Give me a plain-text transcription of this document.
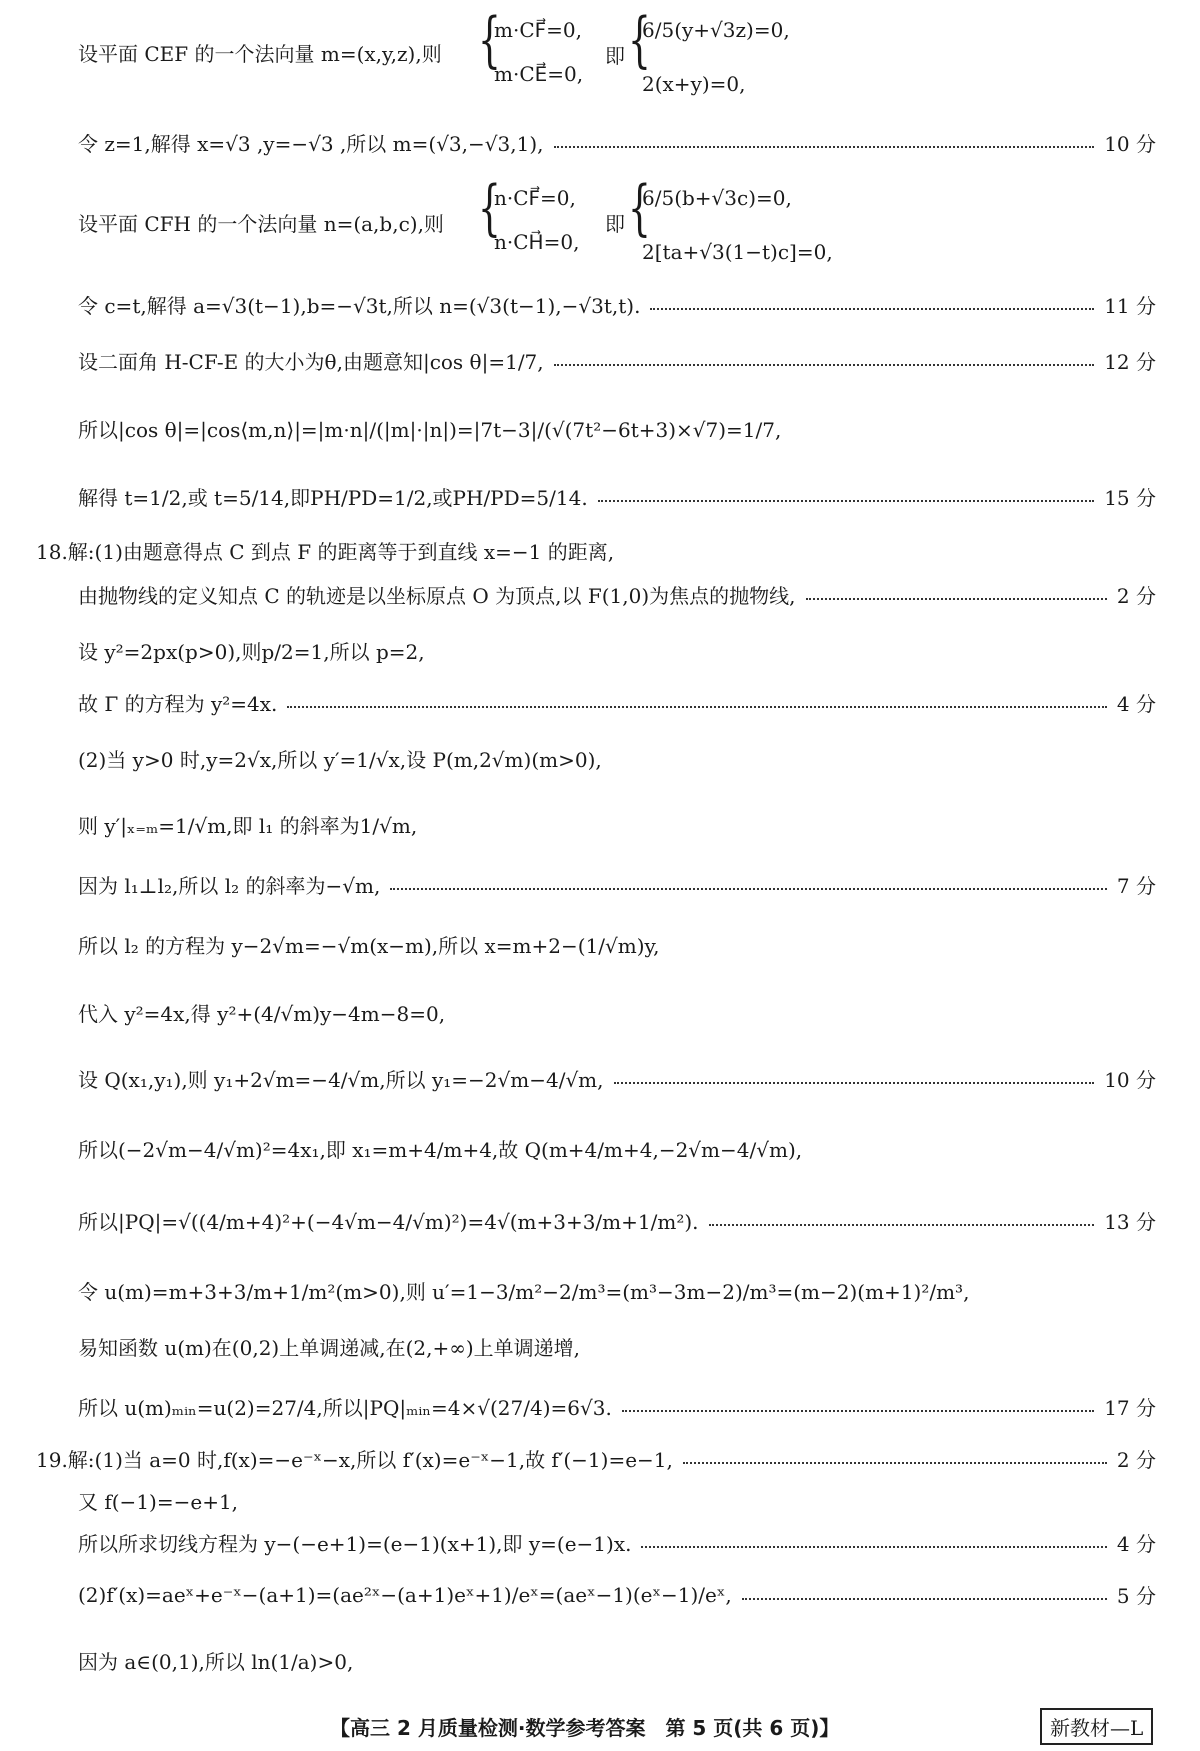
设平面 CEF 的一个法向量 m=(x,y,z),则 {
m·CF⃗=0,
m·CE⃗=0,
即 {
6/5(y+√3z)=0,
2(x+y)=0,
令 z=1,解得 x=√3 ,y=−√3 ,所以 m=(√3,−√3,1),	10 分
设平面 CFH 的一个法向量 n=(a,b,c),则 {
n·CF⃗=0,
n·CH⃗=0,
即 {
6/5(b+√3c)=0,
2[ta+√3(1−t)c]=0,
令 c=t,解得 a=√3(t−1),b=−√3t,所以 n=(√3(t−1),−√3t,t).	11 分
设二面角 H-CF-E 的大小为θ,由题意知|cos θ|=1/7,	12 分
所以|cos θ|=|cos⟨m,n⟩|=|m·n|/(|m|·|n|)=|7t−3|/(√(7t²−6t+3)×√7)=1/7,
解得 t=1/2,或 t=5/14,即PH/PD=1/2,或PH/PD=5/14.	15 分
18.解:(1)由题意得点 C 到点 F 的距离等于到直线 x=−1 的距离,
由抛物线的定义知点 C 的轨迹是以坐标原点 O 为顶点,以 F(1,0)为焦点的抛物线,	2 分
设 y²=2px(p>0),则p/2=1,所以 p=2,
故 Γ 的方程为 y²=4x.	4 分
(2)当 y>0 时,y=2√x,所以 y′=1/√x,设 P(m,2√m)(m>0),
则 y′|ₓ₌ₘ=1/√m,即 l₁ 的斜率为1/√m,
因为 l₁⊥l₂,所以 l₂ 的斜率为−√m,	7 分
所以 l₂ 的方程为 y−2√m=−√m(x−m),所以 x=m+2−(1/√m)y,
代入 y²=4x,得 y²+(4/√m)y−4m−8=0,
设 Q(x₁,y₁),则 y₁+2√m=−4/√m,所以 y₁=−2√m−4/√m,	10 分
所以(−2√m−4/√m)²=4x₁,即 x₁=m+4/m+4,故 Q(m+4/m+4,−2√m−4/√m),
所以|PQ|=√((4/m+4)²+(−4√m−4/√m)²)=4√(m+3+3/m+1/m²).	13 分
令 u(m)=m+3+3/m+1/m²(m>0),则 u′=1−3/m²−2/m³=(m³−3m−2)/m³=(m−2)(m+1)²/m³,
易知函数 u(m)在(0,2)上单调递减,在(2,+∞)上单调递增,
所以 u(m)ₘᵢₙ=u(2)=27/4,所以|PQ|ₘᵢₙ=4×√(27/4)=6√3.	17 分
19.解:(1)当 a=0 时,f(x)=−e⁻ˣ−x,所以 f′(x)=e⁻ˣ−1,故 f′(−1)=e−1,	2 分
又 f(−1)=−e+1,
所以所求切线方程为 y−(−e+1)=(e−1)(x+1),即 y=(e−1)x.	4 分
(2)f′(x)=aeˣ+e⁻ˣ−(a+1)=(ae²ˣ−(a+1)eˣ+1)/eˣ=(aeˣ−1)(eˣ−1)/eˣ,	5 分
因为 a∈(0,1),所以 ln(1/a)>0,
【高三 2 月质量检测·数学参考答案　第 5 页(共 6 页)】	新教材—L
